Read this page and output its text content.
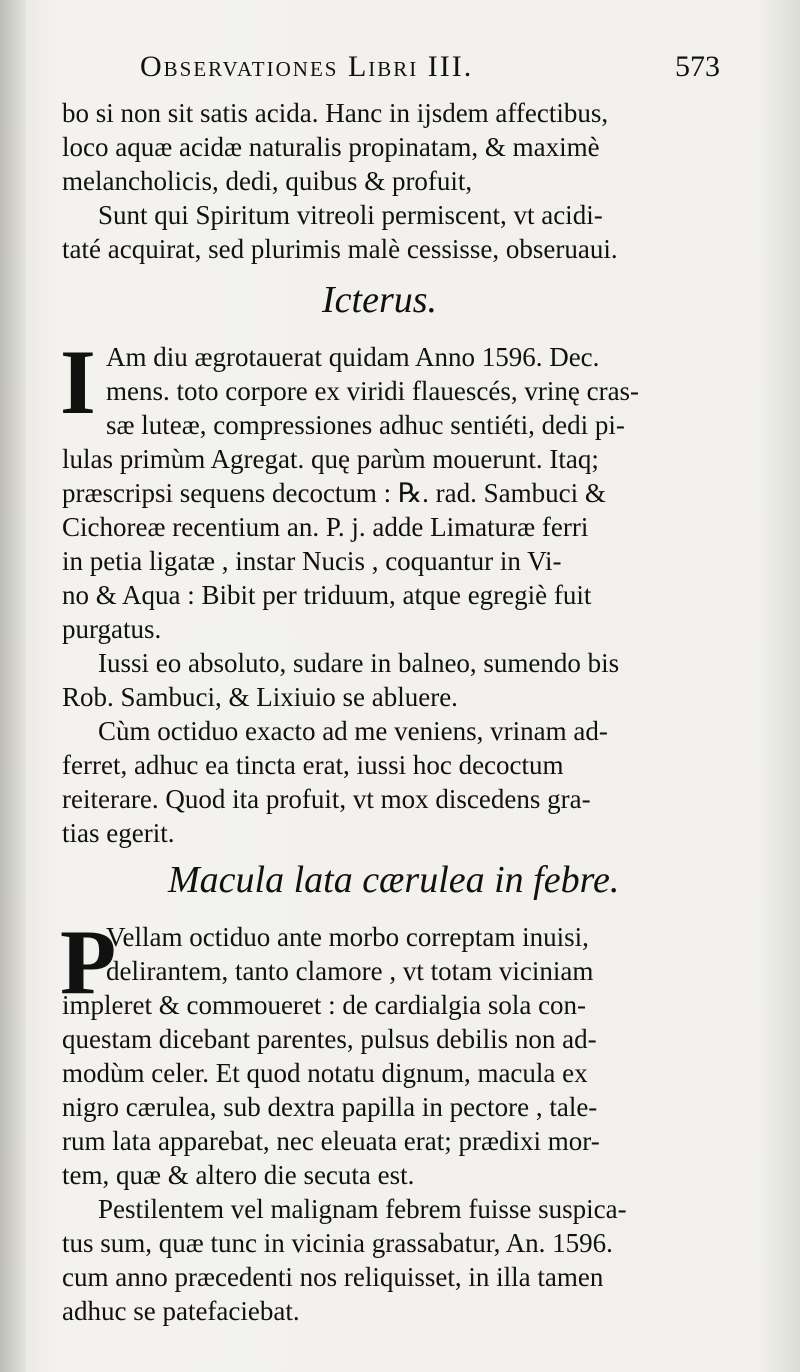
Observationes Libri III.	573
bo si non sit satis acida. Hanc in ijsdem affectibus,
loco aquæ acidæ naturalis propinatam, & maximè
melancholicis, dedi, quibus & profuit,
Sunt qui Spiritum vitreoli permiscent, vt acidi-
taté acquirat, sed plurimis malè cessisse, obseruaui.
Icterus.
I Am diu ægrotauerat quidam Anno 1596. Dec.
mens. toto corpore ex viridi flauescés, vrinę cras-
sæ luteæ, compressiones adhuc sentiéti, dedi pi-
lulas primùm Agregat. quę parùm mouerunt. Itaq;
præscripsi sequens decoctum : ℞. rad. Sambuci &
Cichoreæ recentium an. P. j. adde Limaturæ ferri
in petia ligatæ , instar Nucis , coquantur in Vi-
no & Aqua : Bibit per triduum, atque egregiè fuit
purgatus.
Iussi eo absoluto, sudare in balneo, sumendo bis
Rob. Sambuci, & Lixiuio se abluere.
Cùm octiduo exacto ad me veniens, vrinam ad-
ferret, adhuc ea tincta erat, iussi hoc decoctum
reiterare. Quod ita profuit, vt mox discedens gra-
tias egerit.
Macula lata cærulea in febre.
P
Vellam octiduo ante morbo correptam inuisi,
delirantem, tanto clamore , vt totam viciniam
impleret & commoueret : de cardialgia sola con-
questam dicebant parentes, pulsus debilis non ad-
modùm celer. Et quod notatu dignum, macula ex
nigro cærulea, sub dextra papilla in pectore , tale-
rum lata apparebat, nec eleuata erat; prædixi mor-
tem, quæ & altero die secuta est.
Pestilentem vel malignam febrem fuisse suspica-
tus sum, quæ tunc in vicinia grassabatur, An. 1596.
cum anno præcedenti nos reliquisset, in illa tamen
adhuc se patefaciebat.
